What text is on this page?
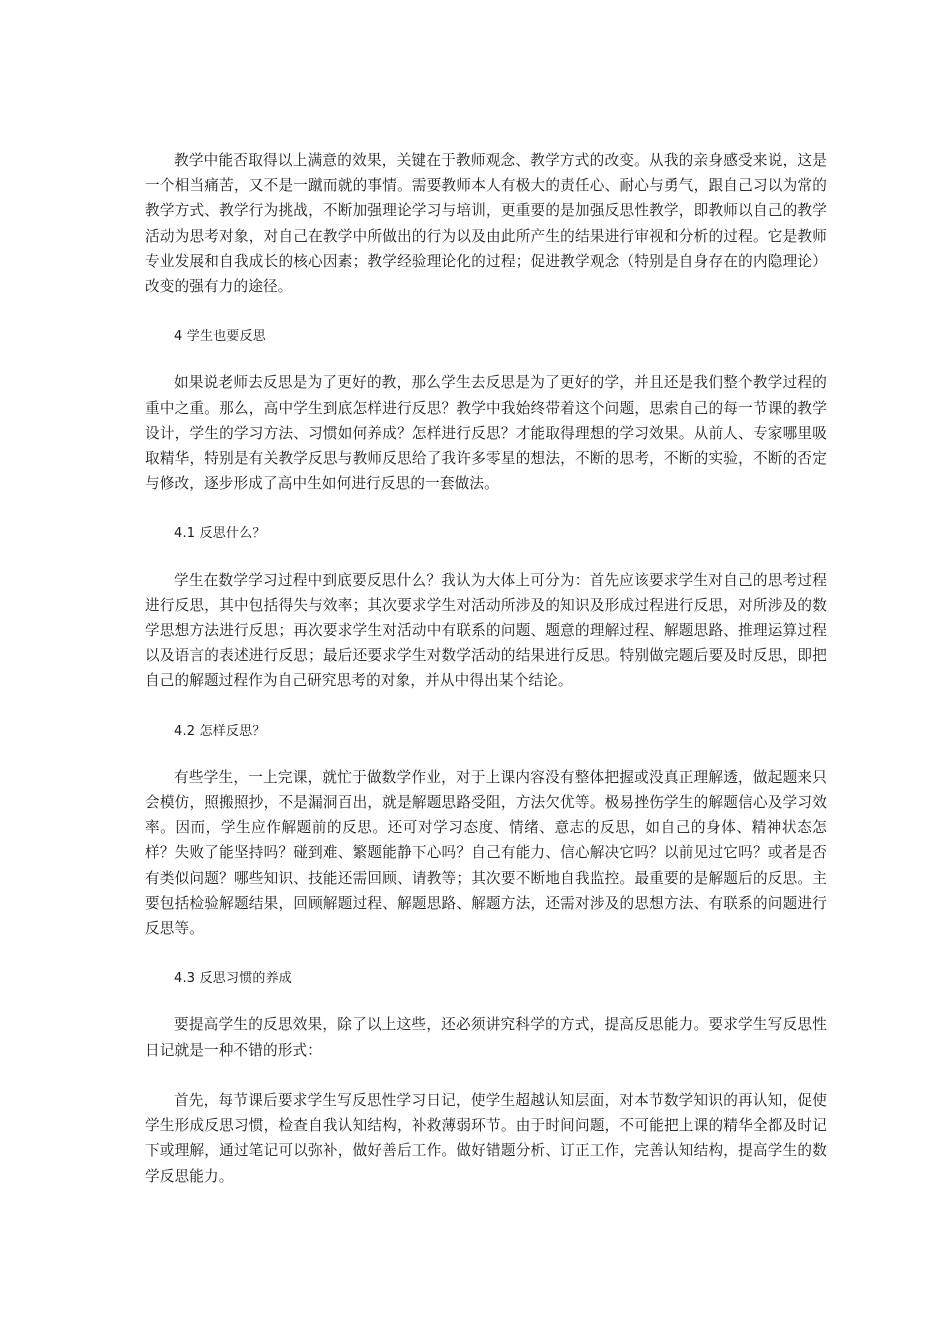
教学中能否取得以上满意的效果，关键在于教师观念、教学方式的改变。从我的亲身感受来说，这是一个相当痛苦，又不是一蹴而就的事情。需要教师本人有极大的责任心、耐心与勇气，跟自己习以为常的教学方式、教学行为挑战，不断加强理论学习与培训，更重要的是加强反思性教学，即教师以自己的教学活动为思考对象，对自己在教学中所做出的行为以及由此所产生的结果进行审视和分析的过程。它是教师专业发展和自我成长的核心因素；教学经验理论化的过程；促进教学观念（特别是自身存在的内隐理论）改变的强有力的途径。

4 学生也要反思

如果说老师去反思是为了更好的教，那么学生去反思是为了更好的学，并且还是我们整个教学过程的重中之重。那么，高中学生到底怎样进行反思？教学中我始终带着这个问题，思索自己的每一节课的教学设计，学生的学习方法、习惯如何养成？怎样进行反思？才能取得理想的学习效果。从前人、专家哪里吸取精华，特别是有关教学反思与教师反思给了我许多零星的想法，不断的思考，不断的实验，不断的否定与修改，逐步形成了高中生如何进行反思的一套做法。

4.1 反思什么？

学生在数学学习过程中到底要反思什么？我认为大体上可分为：首先应该要求学生对自己的思考过程进行反思，其中包括得失与效率；其次要求学生对活动所涉及的知识及形成过程进行反思，对所涉及的数学思想方法进行反思；再次要求学生对活动中有联系的问题、题意的理解过程、解题思路、推理运算过程以及语言的表述进行反思；最后还要求学生对数学活动的结果进行反思。特别做完题后要及时反思，即把自己的解题过程作为自己研究思考的对象，并从中得出某个结论。

4.2 怎样反思？

有些学生，一上完课，就忙于做数学作业，对于上课内容没有整体把握或没真正理解透，做起题来只会模仿，照搬照抄，不是漏洞百出，就是解题思路受阻，方法欠优等。极易挫伤学生的解题信心及学习效率。因而，学生应作解题前的反思。还可对学习态度、情绪、意志的反思，如自己的身体、精神状态怎样？失败了能坚持吗？碰到难、繁题能静下心吗？自己有能力、信心解决它吗？以前见过它吗？或者是否有类似问题？哪些知识、技能还需回顾、请教等；其次要不断地自我监控。最重要的是解题后的反思。主要包括检验解题结果，回顾解题过程、解题思路、解题方法，还需对涉及的思想方法、有联系的问题进行反思等。

4.3 反思习惯的养成

要提高学生的反思效果，除了以上这些，还必须讲究科学的方式，提高反思能力。要求学生写反思性日记就是一种不错的形式：

首先，每节课后要求学生写反思性学习日记，使学生超越认知层面，对本节数学知识的再认知，促使学生形成反思习惯，检查自我认知结构，补救薄弱环节。由于时间问题，不可能把上课的精华全都及时记下或理解，通过笔记可以弥补，做好善后工作。做好错题分析、订正工作，完善认知结构，提高学生的数学反思能力。
